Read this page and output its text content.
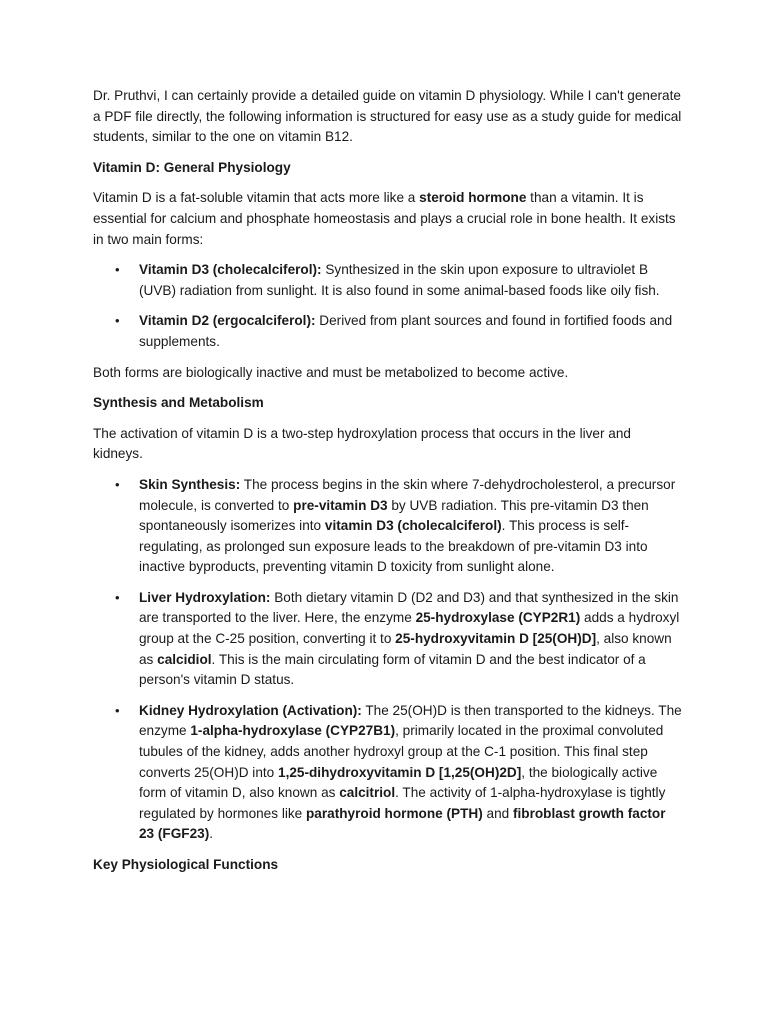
Dr. Pruthvi, I can certainly provide a detailed guide on vitamin D physiology. While I can't generate a PDF file directly, the following information is structured for easy use as a study guide for medical students, similar to the one on vitamin B12.

Vitamin D: General Physiology

Vitamin D is a fat-soluble vitamin that acts more like a steroid hormone than a vitamin. It is essential for calcium and phosphate homeostasis and plays a crucial role in bone health. It exists in two main forms:

• Vitamin D3 (cholecalciferol): Synthesized in the skin upon exposure to ultraviolet B (UVB) radiation from sunlight. It is also found in some animal-based foods like oily fish.
• Vitamin D2 (ergocalciferol): Derived from plant sources and found in fortified foods and supplements.

Both forms are biologically inactive and must be metabolized to become active.

Synthesis and Metabolism

The activation of vitamin D is a two-step hydroxylation process that occurs in the liver and kidneys.

• Skin Synthesis: The process begins in the skin where 7-dehydrocholesterol, a precursor molecule, is converted to pre-vitamin D3 by UVB radiation. This pre-vitamin D3 then spontaneously isomerizes into vitamin D3 (cholecalciferol). This process is self-regulating, as prolonged sun exposure leads to the breakdown of pre-vitamin D3 into inactive byproducts, preventing vitamin D toxicity from sunlight alone.
• Liver Hydroxylation: Both dietary vitamin D (D2 and D3) and that synthesized in the skin are transported to the liver. Here, the enzyme 25-hydroxylase (CYP2R1) adds a hydroxyl group at the C-25 position, converting it to 25-hydroxyvitamin D [25(OH)D], also known as calcidiol. This is the main circulating form of vitamin D and the best indicator of a person's vitamin D status.
• Kidney Hydroxylation (Activation): The 25(OH)D is then transported to the kidneys. The enzyme 1-alpha-hydroxylase (CYP27B1), primarily located in the proximal convoluted tubules of the kidney, adds another hydroxyl group at the C-1 position. This final step converts 25(OH)D into 1,25-dihydroxyvitamin D [1,25(OH)2D], the biologically active form of vitamin D, also known as calcitriol. The activity of 1-alpha-hydroxylase is tightly regulated by hormones like parathyroid hormone (PTH) and fibroblast growth factor 23 (FGF23).
Key Physiological Functions
